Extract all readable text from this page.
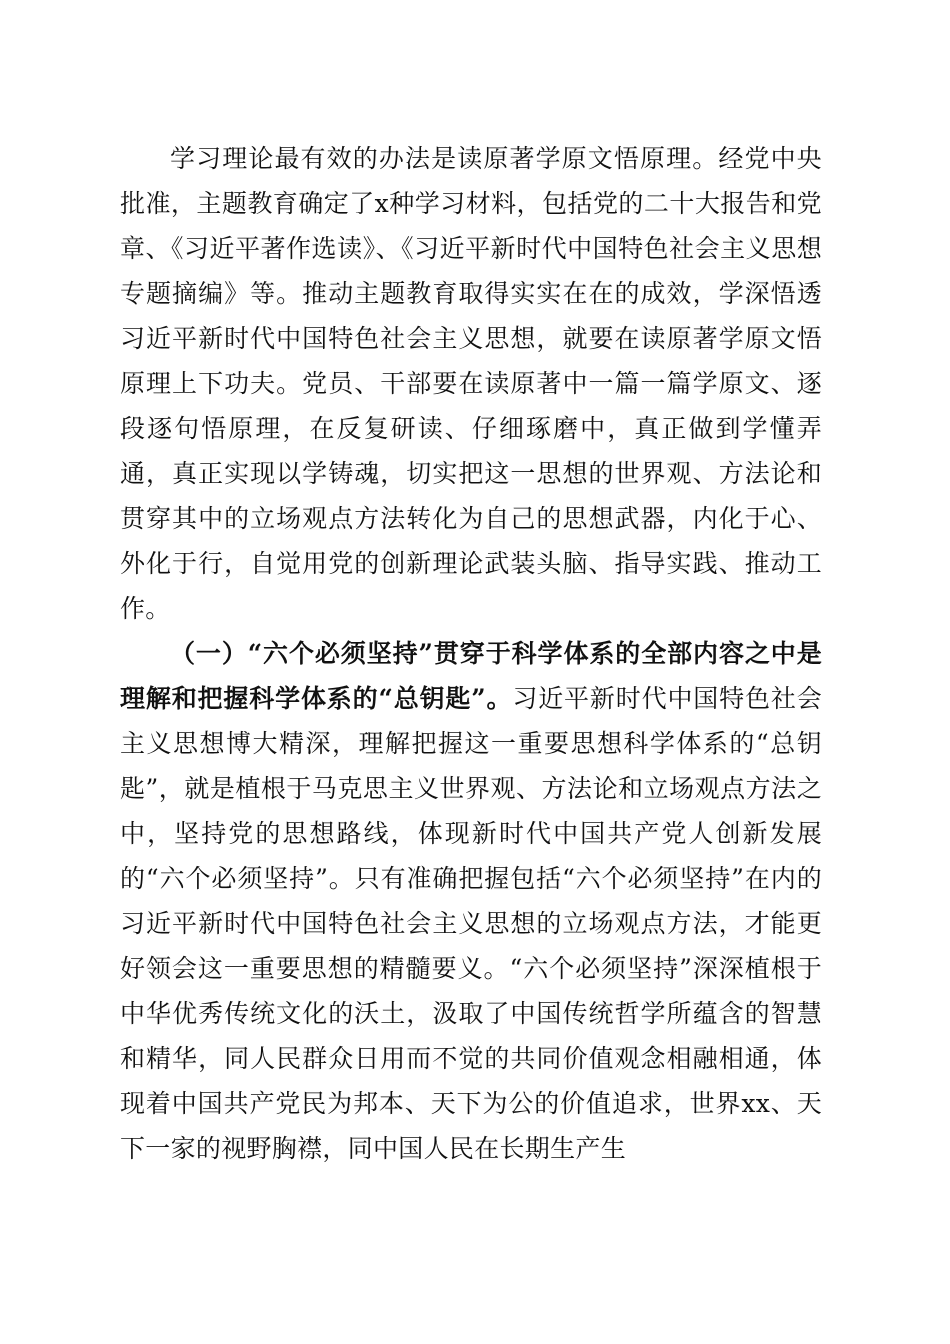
学习理论最有效的办法是读原著学原文悟原理。经党中央批准，主题教育确定了x种学习材料，包括党的二十大报告和党章、《习近平著作选读》、《习近平新时代中国特色社会主义思想专题摘编》等。推动主题教育取得实实在在的成效，学深悟透习近平新时代中国特色社会主义思想，就要在读原著学原文悟原理上下功夫。党员、干部要在读原著中一篇一篇学原文、逐段逐句悟原理，在反复研读、仔细琢磨中，真正做到学懂弄通，真正实现以学铸魂，切实把这一思想的世界观、方法论和贯穿其中的立场观点方法转化为自己的思想武器，内化于心、外化于行，自觉用党的创新理论武装头脑、指导实践、推动工作。

（一）“六个必须坚持”贯穿于科学体系的全部内容之中是理解和把握科学体系的“总钥匙”。习近平新时代中国特色社会主义思想博大精深，理解把握这一重要思想科学体系的“总钥匙”，就是植根于马克思主义世界观、方法论和立场观点方法之中，坚持党的思想路线，体现新时代中国共产党人创新发展的“六个必须坚持”。只有准确把握包括“六个必须坚持”在内的习近平新时代中国特色社会主义思想的立场观点方法，才能更好领会这一重要思想的精髓要义。“六个必须坚持”深深植根于中华优秀传统文化的沃土，汲取了中国传统哲学所蕴含的智慧和精华，同人民群众日用而不觉的共同价值观念相融相通，体现着中国共产党民为邦本、天下为公的价值追求，世界xx、天下一家的视野胸襟，同中国人民在长期生产生
